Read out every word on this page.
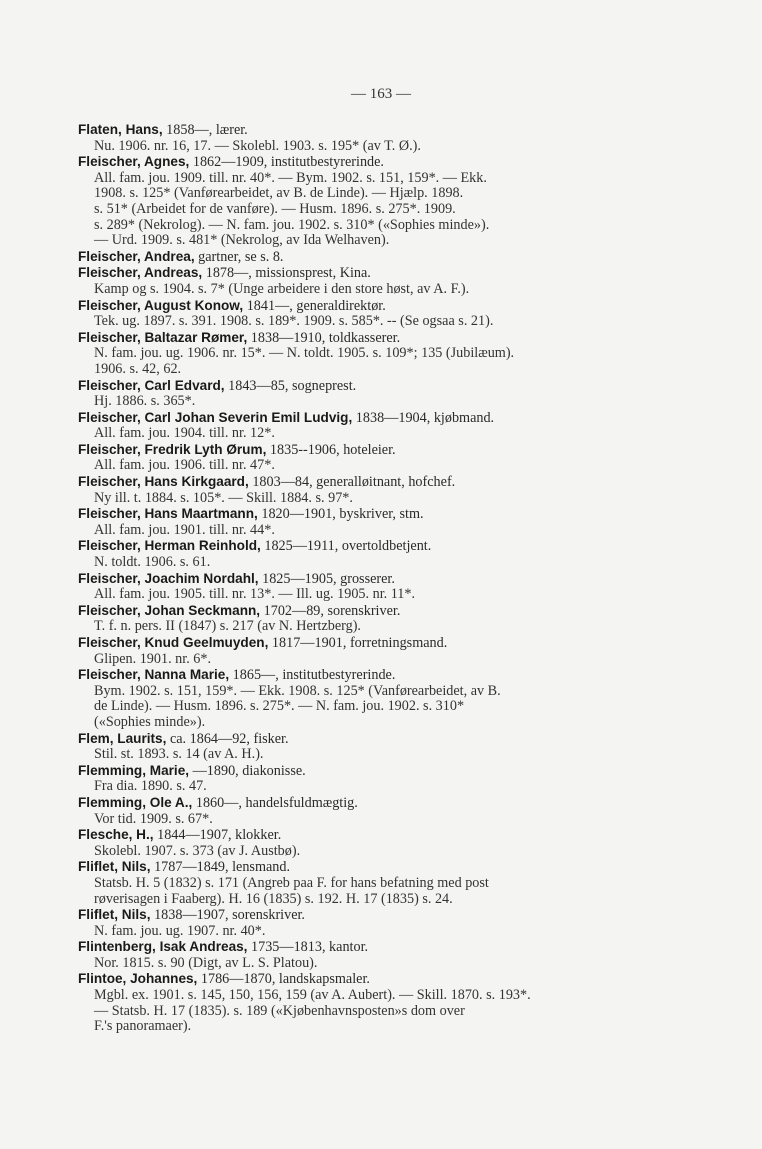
— 163 —
Flaten, Hans, 1858—, lærer.
Nu. 1906. nr. 16, 17. — Skolebl. 1903. s. 195* (av T. Ø.).
Fleischer, Agnes, 1862—1909, institutbestyrerinde.
All. fam. jou. 1909. till. nr. 40*. — Bym. 1902. s. 151, 159*. — Ekk.
1908. s. 125* (Vanførearbeidet, av B. de Linde). — Hjælp. 1898.
s. 51* (Arbeidet for de vanføre). — Husm. 1896. s. 275*. 1909.
s. 289* (Nekrolog). — N. fam. jou. 1902. s. 310* («Sophies minde»).
— Urd. 1909. s. 481* (Nekrolog, av Ida Welhaven).
Fleischer, Andrea, gartner, se s. 8.
Fleischer, Andreas, 1878—, missionsprest, Kina.
Kamp og s. 1904. s. 7* (Unge arbeidere i den store høst, av A. F.).
Fleischer, August Konow, 1841—, generaldirektør.
Tek. ug. 1897. s. 391. 1908. s. 189*. 1909. s. 585*. -- (Se ogsaa s. 21).
Fleischer, Baltazar Rømer, 1838—1910, toldkasserer.
N. fam. jou. ug. 1906. nr. 15*. — N. toldt. 1905. s. 109*; 135 (Jubilæum).
1906. s. 42, 62.
Fleischer, Carl Edvard, 1843—85, sogneprest.
Hj. 1886. s. 365*.
Fleischer, Carl Johan Severin Emil Ludvig, 1838—1904, kjøbmand.
All. fam. jou. 1904. till. nr. 12*.
Fleischer, Fredrik Lyth Ørum, 1835--1906, hoteleier.
All. fam. jou. 1906. till. nr. 47*.
Fleischer, Hans Kirkgaard, 1803—84, generalløitnant, hofchef.
Ny ill. t. 1884. s. 105*. — Skill. 1884. s. 97*.
Fleischer, Hans Maartmann, 1820—1901, byskriver, stm.
All. fam. jou. 1901. till. nr. 44*.
Fleischer, Herman Reinhold, 1825—1911, overtoldbetjent.
N. toldt. 1906. s. 61.
Fleischer, Joachim Nordahl, 1825—1905, grosserer.
All. fam. jou. 1905. till. nr. 13*. — Ill. ug. 1905. nr. 11*.
Fleischer, Johan Seckmann, 1702—89, sorenskriver.
T. f. n. pers. II (1847) s. 217 (av N. Hertzberg).
Fleischer, Knud Geelmuyden, 1817—1901, forretningsmand.
Glipen. 1901. nr. 6*.
Fleischer, Nanna Marie, 1865—, institutbestyrerinde.
Bym. 1902. s. 151, 159*. — Ekk. 1908. s. 125* (Vanførearbeidet, av B.
de Linde). — Husm. 1896. s. 275*. — N. fam. jou. 1902. s. 310*
(«Sophies minde»).
Flem, Laurits, ca. 1864—92, fisker.
Stil. st. 1893. s. 14 (av A. H.).
Flemming, Marie, —1890, diakonisse.
Fra dia. 1890. s. 47.
Flemming, Ole A., 1860—, handelsfuldmægtig.
Vor tid. 1909. s. 67*.
Flesche, H., 1844—1907, klokker.
Skolebl. 1907. s. 373 (av J. Austbø).
Fliflet, Nils, 1787—1849, lensmand.
Statsb. H. 5 (1832) s. 171 (Angreb paa F. for hans befatning med post
røverisagen i Faaberg). H. 16 (1835) s. 192. H. 17 (1835) s. 24.
Fliflet, Nils, 1838—1907, sorenskriver.
N. fam. jou. ug. 1907. nr. 40*.
Flintenberg, Isak Andreas, 1735—1813, kantor.
Nor. 1815. s. 90 (Digt, av L. S. Platou).
Flintoe, Johannes, 1786—1870, landskapsmaler.
Mgbl. ex. 1901. s. 145, 150, 156, 159 (av A. Aubert). — Skill. 1870. s. 193*.
— Statsb. H. 17 (1835). s. 189 («Kjøbenhavnsposten»s dom over
F.'s panoramaer).
